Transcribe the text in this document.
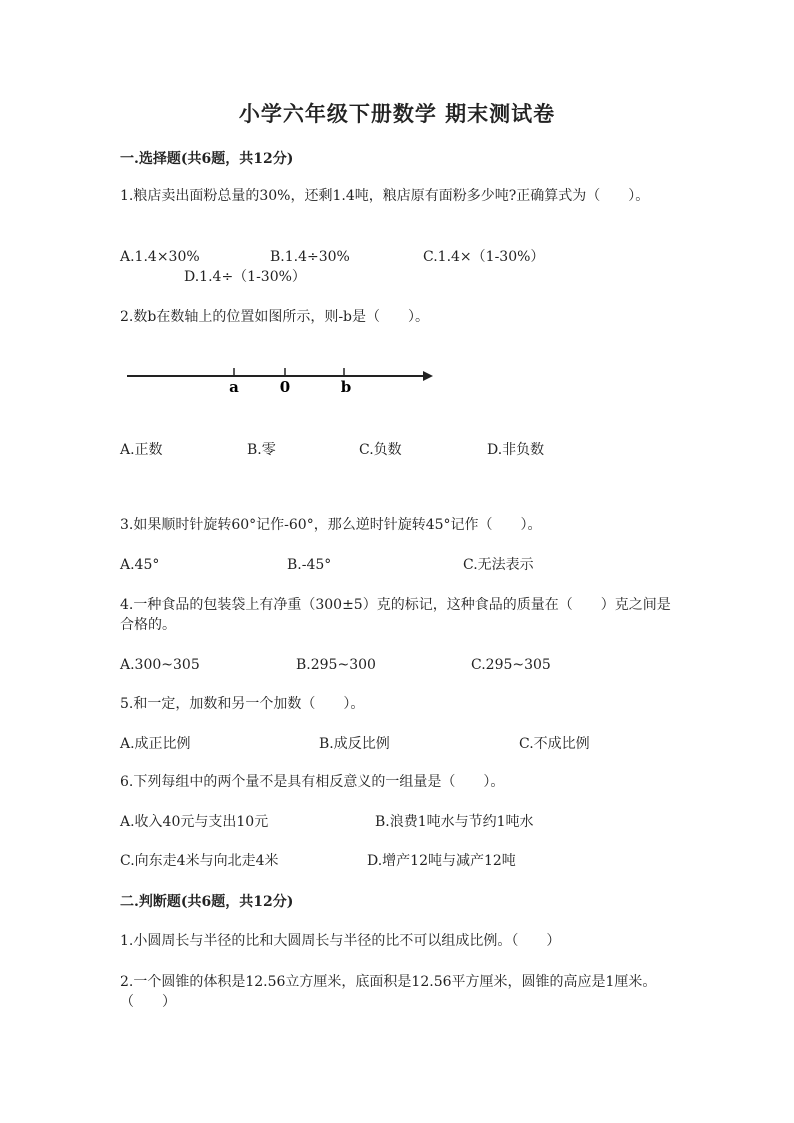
小学六年级下册数学 期末测试卷
一.选择题(共6题，共12分)
1.粮店卖出面粉总量的30%，还剩1.4吨，粮店原有面粉多少吨?正确算式为（　　）。
A.1.4×30%	B.1.4÷30%	C.1.4×（1-30%）
D.1.4÷（1-30%）
2.数b在数轴上的位置如图所示，则-b是（　　）。
a	0	b
A.正数	B.零	C.负数	D.非负数
3.如果顺时针旋转60°记作-60°，那么逆时针旋转45°记作（　　）。
A.45°	B.-45°	C.无法表示
4.一种食品的包装袋上有净重（300±5）克的标记，这种食品的质量在（　　）克之间是合格的。
A.300~305	B.295~300	C.295~305
5.和一定，加数和另一个加数（　　）。
A.成正比例	B.成反比例	C.不成比例
6.下列每组中的两个量不是具有相反意义的一组量是（　　）。
A.收入40元与支出10元	B.浪费1吨水与节约1吨水
C.向东走4米与向北走4米	D.增产12吨与减产12吨
二.判断题(共6题，共12分)
1.小圆周长与半径的比和大圆周长与半径的比不可以组成比例。（　　）
2.一个圆锥的体积是12.56立方厘米，底面积是12.56平方厘米，圆锥的高应是1厘米。　　　（　　）
